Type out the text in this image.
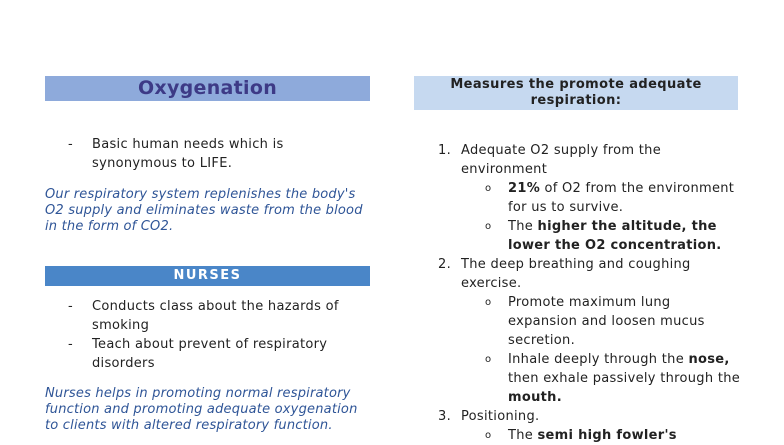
Oxygenation
- Basic human needs which is synonymous to LIFE.
Our respiratory system replenishes the body's O2 supply and eliminates waste from the blood in the form of CO2.
NURSES
- Conducts class about the hazards of smoking
- Teach about prevent of respiratory disorders
Nurses helps in promoting normal respiratory function and promoting adequate oxygenation to clients with altered respiratory function.
Measures the promote adequate respiration:
1. Adequate O2 supply from the environment
o 21% of O2 from the environment for us to survive.
o The higher the altitude, the lower the O2 concentration.
2. The deep breathing and coughing exercise.
o Promote maximum lung expansion and loosen mucus secretion.
o Inhale deeply through the nose, then exhale passively through the mouth.
3. Positioning.
o The semi high fowler's
